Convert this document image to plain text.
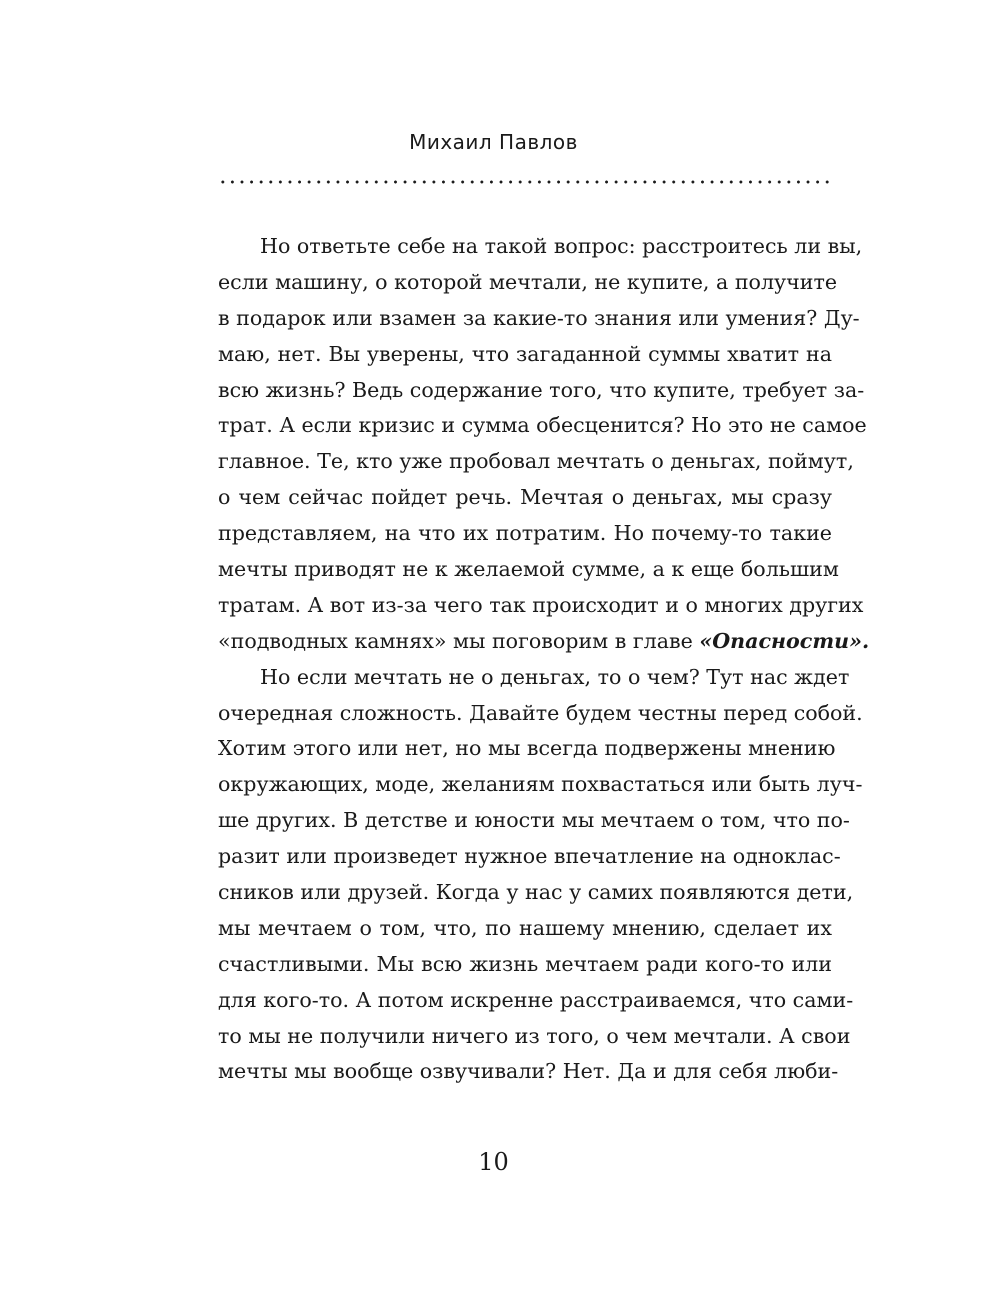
Михаил Павлов
Но ответьте себе на такой вопрос: расстроитесь ли вы,
если машину, о которой мечтали, не купите, а получите
в подарок или взамен за какие-то знания или умения? Ду-
маю, нет. Вы уверены, что загаданной суммы хватит на
всю жизнь? Ведь содержание того, что купите, требует за-
трат. А если кризис и сумма обесценится? Но это не самое
главное. Те, кто уже пробовал мечтать о деньгах, поймут,
о чем сейчас пойдет речь. Мечтая о деньгах, мы сразу
представляем, на что их потратим. Но почему-то такие
мечты приводят не к желаемой сумме, а к еще большим
тратам. А вот из-за чего так происходит и о многих других
«подводных камнях» мы поговорим в главе «Опасности».
Но если мечтать не о деньгах, то о чем? Тут нас ждет
очередная сложность. Давайте будем честны перед собой.
Хотим этого или нет, но мы всегда подвержены мнению
окружающих, моде, желаниям похвастаться или быть луч-
ше других. В детстве и юности мы мечтаем о том, что по-
разит или произведет нужное впечатление на одноклас-
сников или друзей. Когда у нас у самих появляются дети,
мы мечтаем о том, что, по нашему мнению, сделает их
счастливыми. Мы всю жизнь мечтаем ради кого-то или
для кого-то. А потом искренне расстраиваемся, что сами-
то мы не получили ничего из того, о чем мечтали. А свои
мечты мы вообще озвучивали? Нет. Да и для себя люби-
10
